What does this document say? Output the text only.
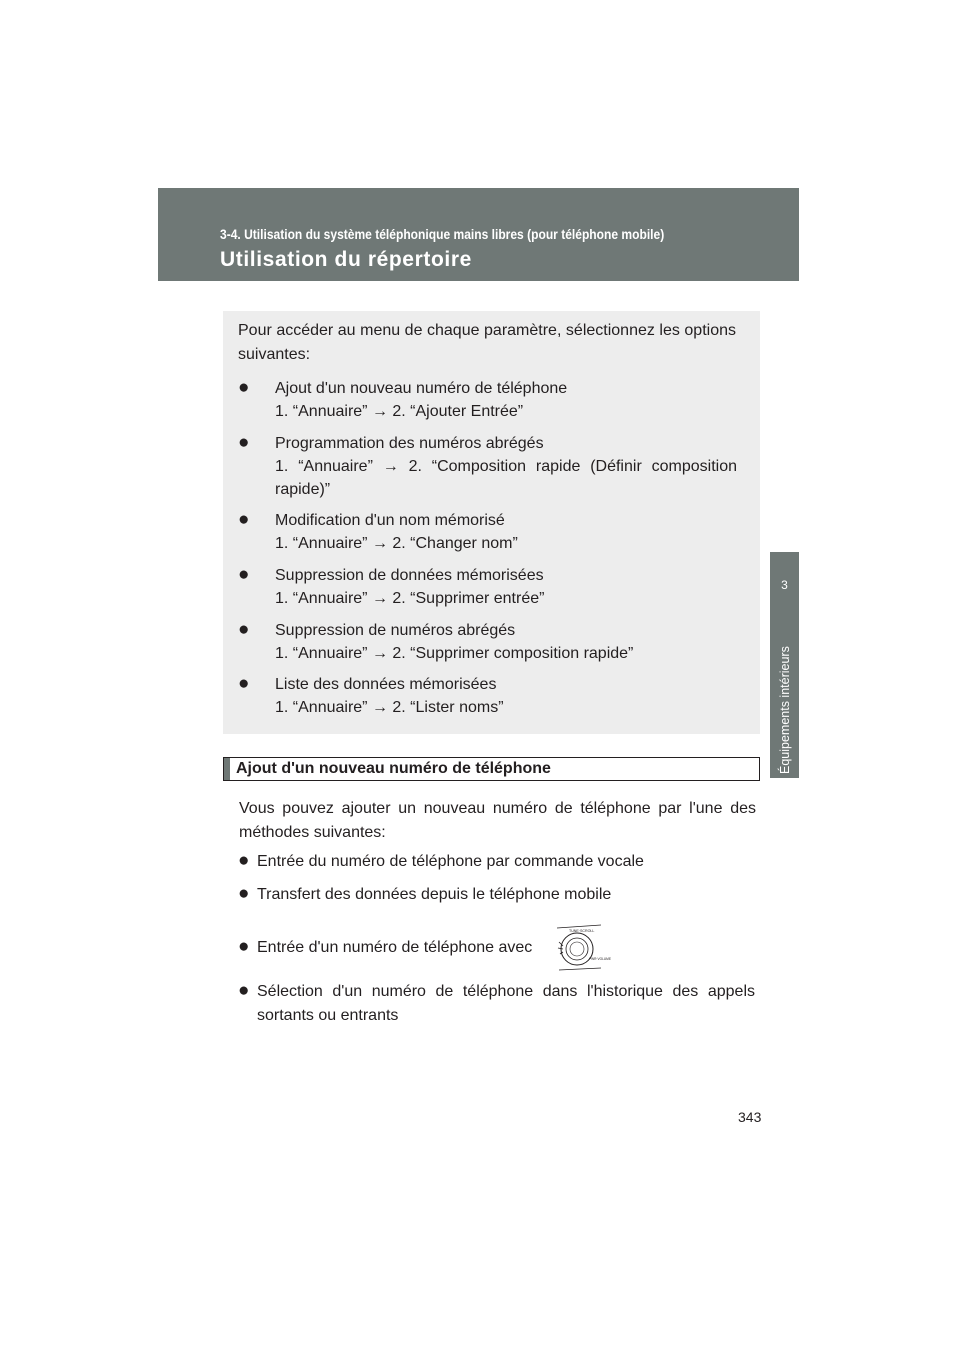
3-4. Utilisation du système téléphonique mains libres (pour téléphone mobile)
Utilisation du répertoire
3
Équipements intérieurs
Pour accéder au menu de chaque paramètre, sélectionnez les options suivantes:
● Ajout d'un nouveau numéro de téléphone
1. “Annuaire” → 2. “Ajouter Entrée”
● Programmation des numéros abrégés
1. “Annuaire” → 2. “Composition rapide (Définir composition rapide)”
● Modification d'un nom mémorisé
1. “Annuaire” → 2. “Changer nom”
● Suppression de données mémorisées
1. “Annuaire” → 2. “Supprimer entrée”
● Suppression de numéros abrégés
1. “Annuaire” → 2. “Supprimer composition rapide”
● Liste des données mémorisées
1. “Annuaire” → 2. “Lister noms”
Ajout d'un nouveau numéro de téléphone
Vous pouvez ajouter un nouveau numéro de téléphone par l'une des méthodes suivantes:
● Entrée du numéro de téléphone par commande vocale
● Transfert des données depuis le téléphone mobile
● Entrée d'un numéro de téléphone avec
● Sélection d'un numéro de téléphone dans l'historique des appels sortants ou entrants
TUNE·SCROLL
PWR·VOLUME
343
